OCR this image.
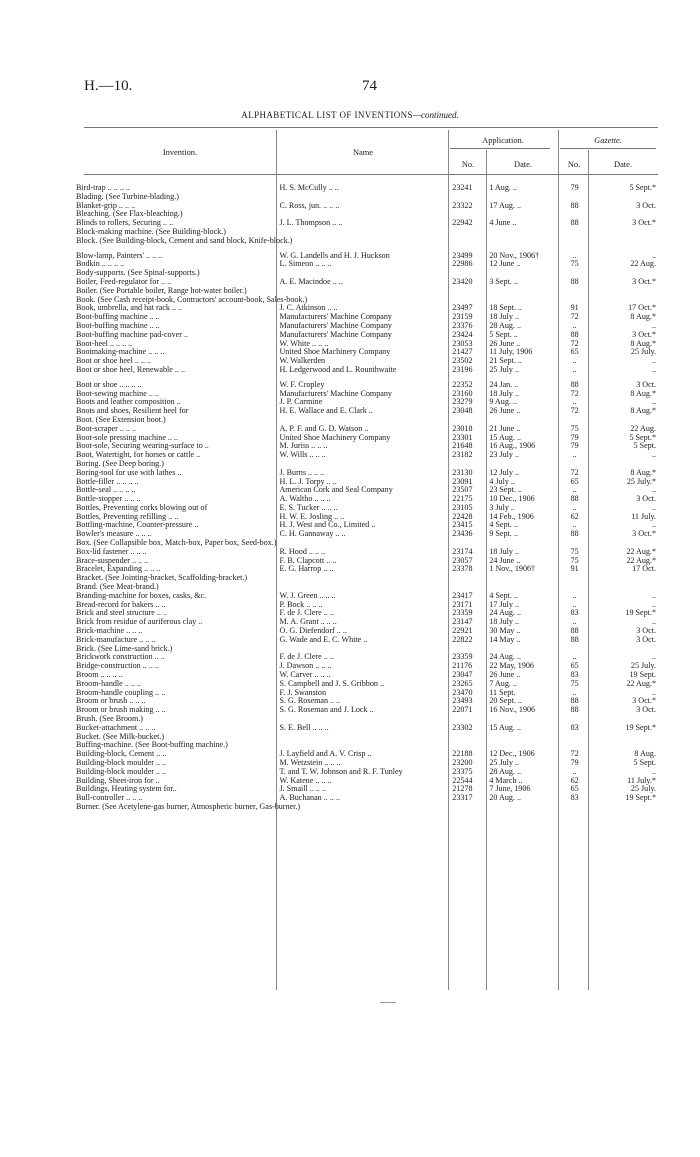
H.—10.	74
ALPHABETICAL LIST OF INVENTIONS—continued.
Invention.	Name
Application.	Gazette.
No.	Date.	No.	Date.
Bird-trap .. .. .. ..	H. S. McCully .. ..	23241	1 Aug. ..	79	5 Sept.*
Blading. (See Turbine-blading.)					
Blanket-grip .. .. ..	C. Ross, jun. .. .. ..	23322	17 Aug. ..	88	3 Oct.
Bleaching. (See Flax-bleaching.)					
Blinds to rollers, Securing .. ..	J. L. Thompson .. ..	22942	4 June ..	88	3 Oct.*
Block-making machine. (See Building-block.)					
Block. (See Building-block, Cement and sand block, Knife-block.)					

Blow-lamp, Painters' .. .. ..	W. G. Landells and H. J. Huckson	23499	20 Nov., 1906†	..	..
Bodkin .. .. .. ..	L. Simeon .. .. ..	22986	12 June ..	75	22 Aug.
Body-supports. (See Spinal-supports.)					
Boiler, Feed-regulator for .. ..	A. E. Macindoe .. ..	23420	3 Sept. ..	88	3 Oct.*
Boiler. (See Portable boiler, Range hot-water boiler.)					
Book. (See Cash receipt-book, Contractors' account-book, Sales-book.)					
Book, umbrella, and hat rack .. ..	J. C. Atkinson .. ..	23497	18 Sept. ..	91	17 Oct.*
Boot-buffing machine .. ..	Manufacturers' Machine Company	23159	18 July ..	72	8 Aug.*
Boot-buffing machine .. ..	Manufacturers' Machine Company	23376	28 Aug. ..	..	..
Boot-buffing machine pad-cover ..	Manufacturers' Machine Company	23424	5 Sept. ..	88	3 Oct.*
Boot-heel .. .. .. ..	W. White .. .. ..	23053	26 June ..	72	8 Aug.*
Bootmaking-machine .. .. ..	United Shoe Machinery Company	21427	11 July, 1906	65	25 July.
Boot or shoe heel .. .. ..	W. Walkerden	23502	21 Sept. ..	..	..
Boot or shoe heel, Renewable .. ..	H. Ledgerwood and L. Rounthwaite	23196	25 July ..	..	..

Boot or shoe .. .. .. ..	W. F. Cropley	22352	24 Jan. ..	88	3 Oct.
Boot-sewing machine .. ..	Manufacturers' Machine Company	23160	18 July ..	72	8 Aug.*
Boots and leather composition ..	J. P. Carmine	23279	9 Aug. ..	..	..
Boots and shoes, Resilient heel for	H. E. Wallace and E. Clark ..	23048	26 June ..	72	8 Aug.*
Boot. (See Extension boot.)					
Boot-scraper .. .. ..	A. P. F. and G. D. Watson ..	23018	21 June ..	75	22 Aug.
Boot-sole pressing machine .. ..	United Shoe Machinery Company	23301	15 Aug. ..	79	5 Sept.*
Boot-sole, Securing wearing-surface to ..	M. Juriss .. .. ..	21648	16 Aug., 1906	79	5 Sept.
Boot, Watertight, for horses or cattle ..	W. Wills .. .. ..	23182	23 July ..	..	..
Boring. (See Deep boring.)					
Boring-tool for use with lathes ..	J. Burns .. .. ..	23130	12 July ..	72	8 Aug.*
Bottle-filler .. .. .. ..	H. L. J. Torpy .. ..	23091	4 July ..	65	25 July.*
Bottle-seal .. .. .. ..	American Cork and Seal Company	23507	23 Sept. ..	..	..
Bottle-stopper .. .. ..	A. Waltho .. .. ..	22175	10 Dec., 1906	88	3 Oct.
Bottles, Preventing corks blowing out of	E. S. Tucker .. .. ..	23105	3 July ..	..	..
Bottles, Preventing refilling .. ..	H. W. E. Josling .. ..	22428	14 Feb., 1906	62	11 July.
Bottling-machine, Counter-pressure ..	H. J. West and Co., Limited ..	23415	4 Sept. ..	..	..
Bowler's measure .. .. ..	C. H. Gannaway .. ..	23436	9 Sept. ..	88	3 Oct.*
Box. (See Collapsible box, Match-box, Paper box, Seed-box.)					
Box-lid fastener .. .. ..	R. Hood .. .. ..	23174	18 July ..	75	22 Aug.*
Brace-suspender .. .. ..	F. B. Clapcott .. ..	23057	24 June ..	75	22 Aug.*
Bracelet, Expanding .. .. ..	E. G. Harrop .. ..	23378	1 Nov., 1906†	91	17 Oct.
Bracket. (See Jointing-bracket, Scaffolding-bracket.)					
Brand. (See Meat-brand.)					
Branding-machine for boxes, casks, &c.	W. J. Green .. .. ..	23417	4 Sept. ..	..	..
Bread-record for bakers .. ..	P. Bock .. .. ..	23171	17 July ..	..	..
Brick and steel structure .. ..	F. de J. Clere .. ..	23359	24 Aug. ..	83	19 Sept.*
Brick from residue of auriferous clay ..	M. A. Grant .. .. ..	23147	18 July ..	..	..
Brick-machine .. .. ..	O. G. Diefendorf .. ..	22921	30 May ..	88	3 Oct.
Brick-manufacture .. .. ..	G. Wade and E. C. White ..	22822	14 May ..	88	3 Oct.
Brick. (See Lime-sand brick.)					
Brickwork construction .. ..	F. de J. Clere .. ..	23359	24 Aug. ..	..	..
Bridge-construction .. .. ..	J. Dawson .. .. ..	21176	22 May, 1906	65	25 July.
Broom .. .. .. ..	W. Carver .. .. ..	23047	26 June ..	83	19 Sept.
Broom-handle .. .. ..	S. Campbell and J. S. Gribbon ..	23265	7 Aug. ..	75	22 Aug.*
Broom-handle coupling .. ..	F. J. Swanston	23470	11 Sept.	..	..
Broom or brush .. .. ..	S. G. Roseman .. ..	23493	20 Sept. ..	88	3 Oct.*
Broom or brush making .. ..	S. G. Roseman and J. Lock ..	22071	16 Nov., 1906	88	3 Oct.
Brush. (See Broom.)					
Bucket-attachment .. .. ..	S. E. Bell .. .. ..	23302	15 Aug. ..	83	19 Sept.*
Bucket. (See Milk-bucket.)					
Buffing-machine. (See Boot-buffing machine.)					
Building-block, Cement .. ..	J. Layfield and A. V. Crisp ..	22188	12 Dec., 1906	72	8 Aug.
Building-block moulder .. ..	M. Wetzstein .. .. ..	23200	25 July ..	79	5 Sept.
Building-block moulder .. ..	T. and T. W. Johnson and R. F. Tunley	23375	28 Aug. ..	..	..
Building, Sheet-iron for ..	W. Katene .. .. ..	22544	4 March ..	62	11 July.*
Buildings, Heating system for..	J. Smaill .. .. ..	21278	7 June, 1906	65	25 July.
Bull-controller .. .. ..	A. Buchanan .. .. ..	23317	20 Aug. ..	83	19 Sept.*
Burner. (See Acetylene-gas burner, Atmospheric burner, Gas-burner.)					
